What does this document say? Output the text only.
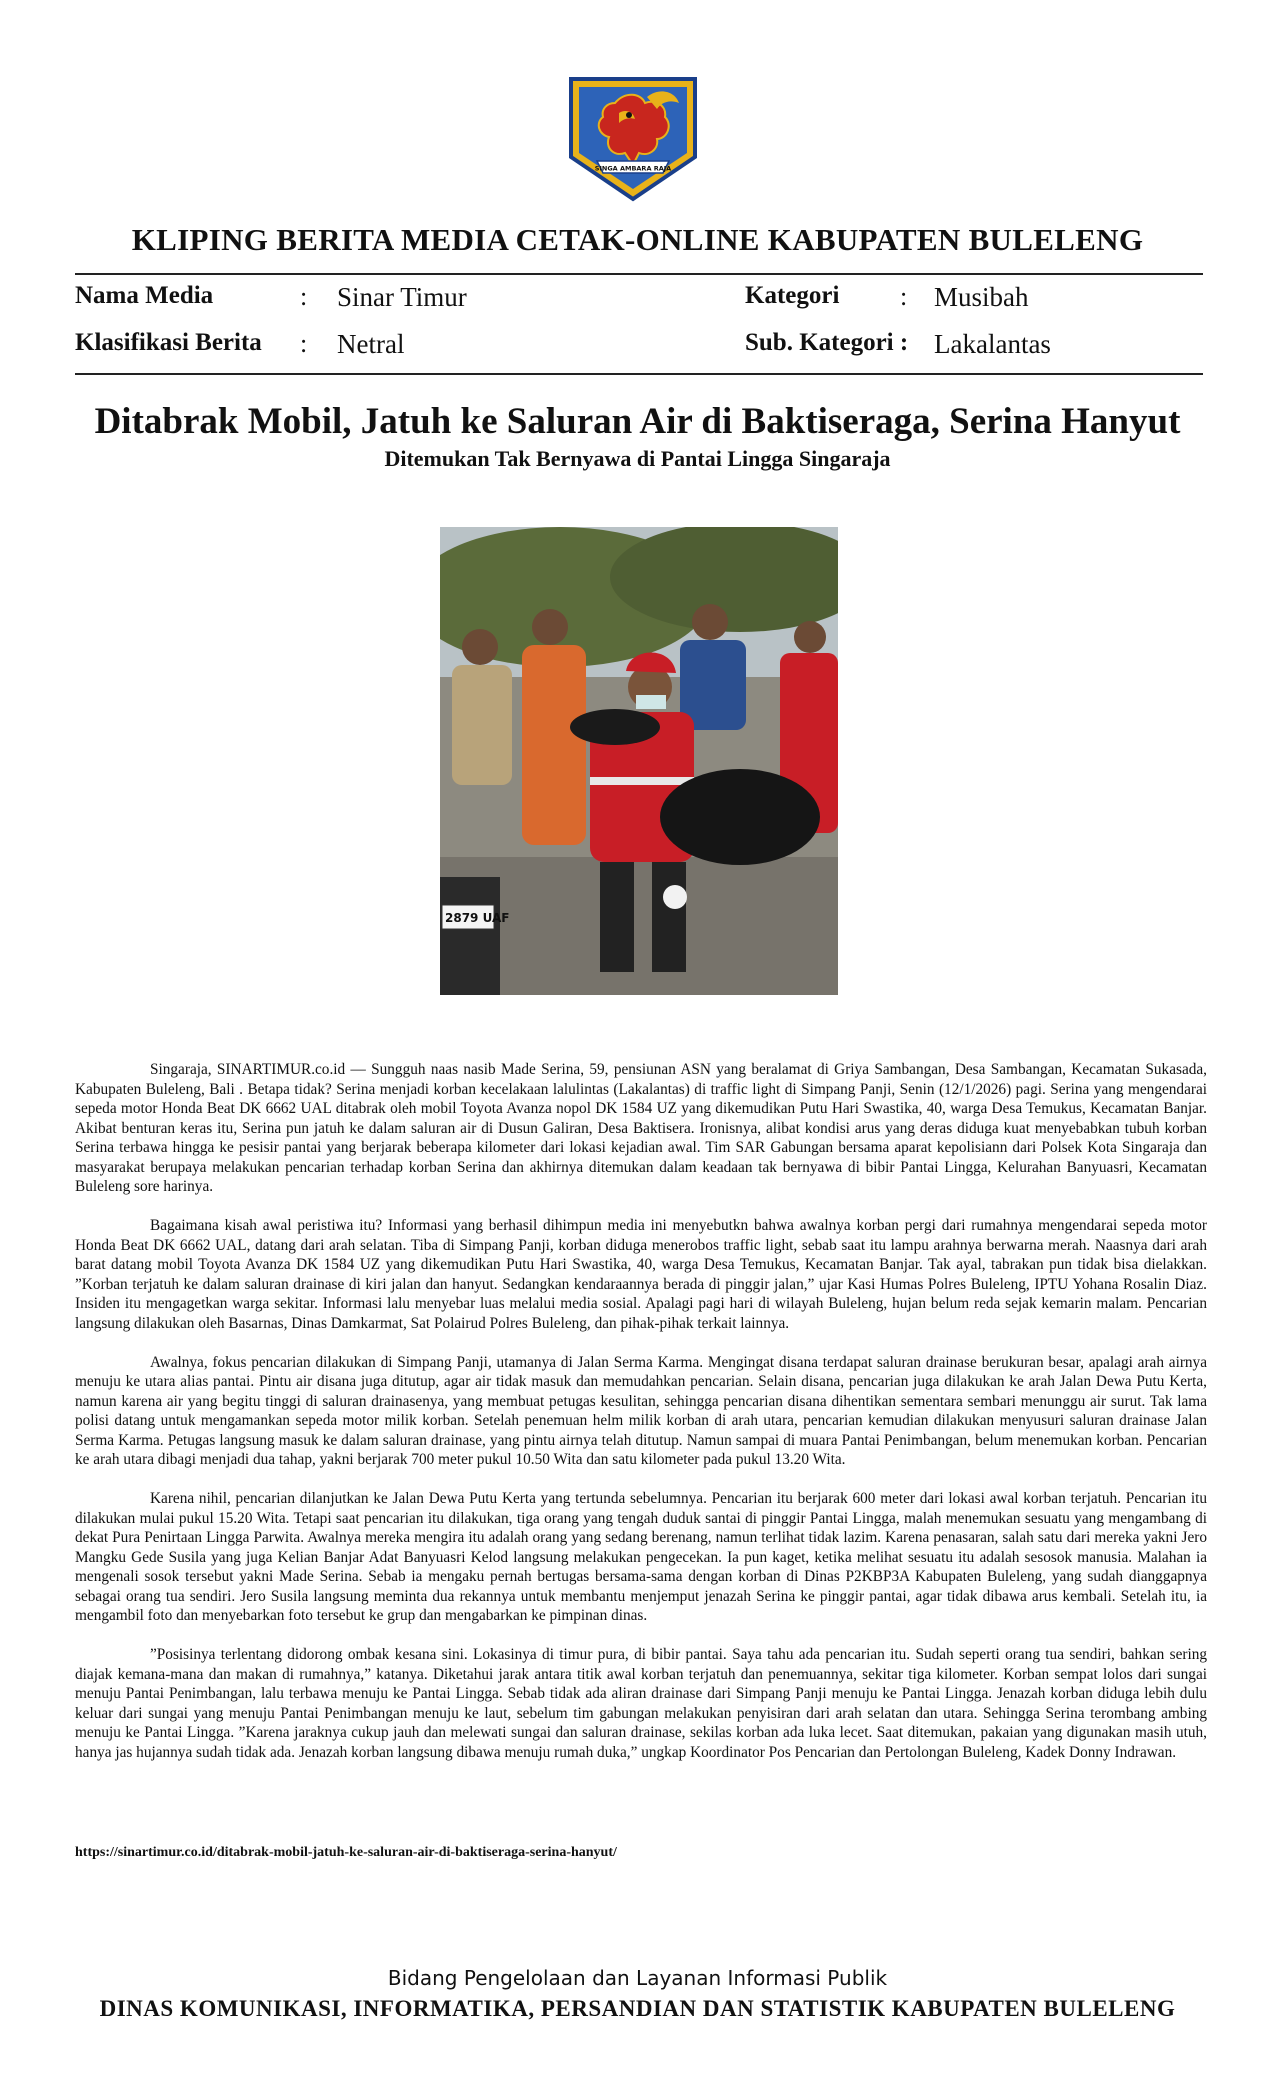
SINGA AMBARA RAJA
KLIPING BERITA MEDIA CETAK-ONLINE KABUPATEN BULELENG
Nama Media	: Sinar Timur	Kategori : Musibah
Klasifikasi Berita : Netral	Sub. Kategori : Lakalantas
Ditabrak Mobil, Jatuh ke Saluran Air di Baktiseraga, Serina Hanyut
Ditemukan Tak Bernyawa di Pantai Lingga Singaraja
2879 UAF

Singaraja, SINARTIMUR.co.id — Sungguh naas nasib Made Serina, 59, pensiunan ASN yang beralamat di Griya Sambangan, Desa Sambangan, Kecamatan Sukasada, Kabupaten Buleleng, Bali . Betapa tidak? Serina menjadi korban kecelakaan lalulintas (Lakalantas) di traffic light di Simpang Panji, Senin (12/1/2026) pagi. Serina yang mengendarai sepeda motor Honda Beat DK 6662 UAL ditabrak oleh mobil Toyota Avanza nopol DK 1584 UZ yang dikemudikan Putu Hari Swastika, 40, warga Desa Temukus, Kecamatan Banjar. Akibat benturan keras itu, Serina pun jatuh ke dalam saluran air di Dusun Galiran, Desa Baktisera. Ironisnya, alibat kondisi arus yang deras diduga kuat menyebabkan tubuh korban Serina terbawa hingga ke pesisir pantai yang berjarak beberapa kilometer dari lokasi kejadian awal. Tim SAR Gabungan bersama aparat kepolisiann dari Polsek Kota Singaraja dan masyarakat berupaya melakukan pencarian terhadap korban Serina dan akhirnya ditemukan dalam keadaan tak bernyawa di bibir Pantai Lingga, Kelurahan Banyuasri, Kecamatan Buleleng sore harinya.

Bagaimana kisah awal peristiwa itu? Informasi yang berhasil dihimpun media ini menyebutkn bahwa awalnya korban pergi dari rumahnya mengendarai sepeda motor Honda Beat DK 6662 UAL, datang dari arah selatan. Tiba di Simpang Panji, korban diduga menerobos traffic light, sebab saat itu lampu arahnya berwarna merah. Naasnya dari arah barat datang mobil Toyota Avanza DK 1584 UZ yang dikemudikan Putu Hari Swastika, 40, warga Desa Temukus, Kecamatan Banjar. Tak ayal, tabrakan pun tidak bisa dielakkan. ”Korban terjatuh ke dalam saluran drainase di kiri jalan dan hanyut. Sedangkan kendaraannya berada di pinggir jalan,” ujar Kasi Humas Polres Buleleng, IPTU Yohana Rosalin Diaz. Insiden itu mengagetkan warga sekitar. Informasi lalu menyebar luas melalui media sosial. Apalagi pagi hari di wilayah Buleleng, hujan belum reda sejak kemarin malam. Pencarian langsung dilakukan oleh Basarnas, Dinas Damkarmat, Sat Polairud Polres Buleleng, dan pihak-pihak terkait lainnya.

Awalnya, fokus pencarian dilakukan di Simpang Panji, utamanya di Jalan Serma Karma. Mengingat disana terdapat saluran drainase berukuran besar, apalagi arah airnya menuju ke utara alias pantai. Pintu air disana juga ditutup, agar air tidak masuk dan memudahkan pencarian. Selain disana, pencarian juga dilakukan ke arah Jalan Dewa Putu Kerta, namun karena air yang begitu tinggi di saluran drainasenya, yang membuat petugas kesulitan, sehingga pencarian disana dihentikan sementara sembari menunggu air surut. Tak lama polisi datang untuk mengamankan sepeda motor milik korban. Setelah penemuan helm milik korban di arah utara, pencarian kemudian dilakukan menyusuri saluran drainase Jalan Serma Karma. Petugas langsung masuk ke dalam saluran drainase, yang pintu airnya telah ditutup. Namun sampai di muara Pantai Penimbangan, belum menemukan korban. Pencarian ke arah utara dibagi menjadi dua tahap, yakni berjarak 700 meter pukul 10.50 Wita dan satu kilometer pada pukul 13.20 Wita.

Karena nihil, pencarian dilanjutkan ke Jalan Dewa Putu Kerta yang tertunda sebelumnya. Pencarian itu berjarak 600 meter dari lokasi awal korban terjatuh. Pencarian itu dilakukan mulai pukul 15.20 Wita. Tetapi saat pencarian itu dilakukan, tiga orang yang tengah duduk santai di pinggir Pantai Lingga, malah menemukan sesuatu yang mengambang di dekat Pura Penirtaan Lingga Parwita. Awalnya mereka mengira itu adalah orang yang sedang berenang, namun terlihat tidak lazim. Karena penasaran, salah satu dari mereka yakni Jero Mangku Gede Susila yang juga Kelian Banjar Adat Banyuasri Kelod langsung melakukan pengecekan. Ia pun kaget, ketika melihat sesuatu itu adalah sesosok manusia. Malahan ia mengenali sosok tersebut yakni Made Serina. Sebab ia mengaku pernah bertugas bersama-sama dengan korban di Dinas P2KBP3A Kabupaten Buleleng, yang sudah dianggapnya sebagai orang tua sendiri. Jero Susila langsung meminta dua rekannya untuk membantu menjemput jenazah Serina ke pinggir pantai, agar tidak dibawa arus kembali. Setelah itu, ia mengambil foto dan menyebarkan foto tersebut ke grup dan mengabarkan ke pimpinan dinas.

”Posisinya terlentang didorong ombak kesana sini. Lokasinya di timur pura, di bibir pantai. Saya tahu ada pencarian itu. Sudah seperti orang tua sendiri, bahkan sering diajak kemana-mana dan makan di rumahnya,” katanya. Diketahui jarak antara titik awal korban terjatuh dan penemuannya, sekitar tiga kilometer. Korban sempat lolos dari sungai menuju Pantai Penimbangan, lalu terbawa menuju ke Pantai Lingga. Sebab tidak ada aliran drainase dari Simpang Panji menuju ke Pantai Lingga. Jenazah korban diduga lebih dulu keluar dari sungai yang menuju Pantai Penimbangan menuju ke laut, sebelum tim gabungan melakukan penyisiran dari arah selatan dan utara. Sehingga Serina terombang ambing menuju ke Pantai Lingga. ”Karena jaraknya cukup jauh dan melewati sungai dan saluran drainase, sekilas korban ada luka lecet. Saat ditemukan, pakaian yang digunakan masih utuh, hanya jas hujannya sudah tidak ada. Jenazah korban langsung dibawa menuju rumah duka,” ungkap Koordinator Pos Pencarian dan Pertolongan Buleleng, Kadek Donny Indrawan.

https://sinartimur.co.id/ditabrak-mobil-jatuh-ke-saluran-air-di-baktiseraga-serina-hanyut/
Bidang Pengelolaan dan Layanan Informasi Publik
DINAS KOMUNIKASI, INFORMATIKA, PERSANDIAN DAN STATISTIK KABUPATEN BULELENG
